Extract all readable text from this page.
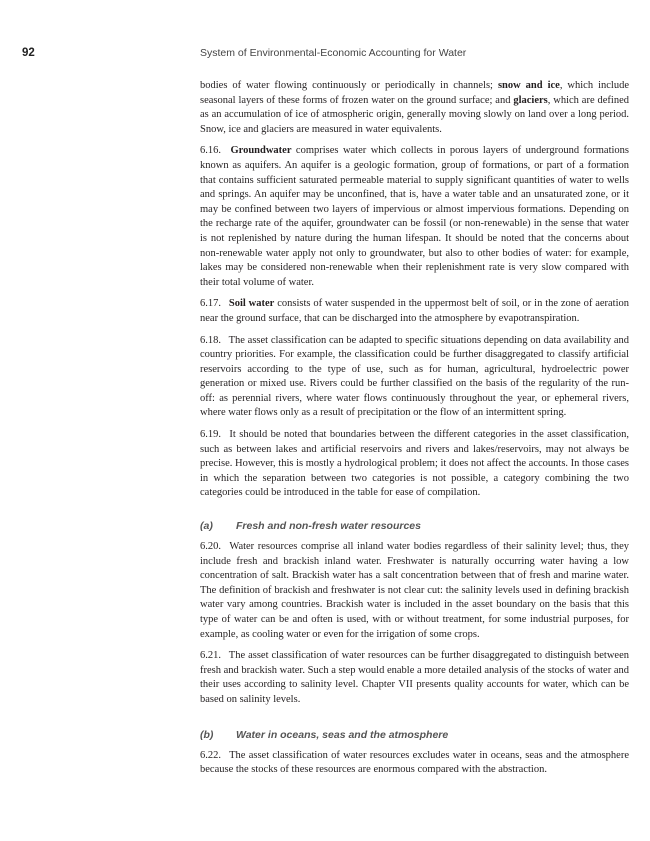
92	System of Environmental-Economic Accounting for Water

bodies of water flowing continuously or periodically in channels; snow and ice, which include seasonal layers of these forms of frozen water on the ground surface; and glaciers, which are defined as an accumulation of ice of atmospheric origin, generally moving slowly on land over a long period. Snow, ice and glaciers are measured in water equivalents.

6.16. Groundwater comprises water which collects in porous layers of underground formations known as aquifers. An aquifer is a geologic formation, group of formations, or part of a formation that contains sufficient saturated permeable material to supply significant quantities of water to wells and springs. An aquifer may be unconfined, that is, have a water table and an unsaturated zone, or it may be confined between two layers of impervious or almost impervious formations. Depending on the recharge rate of the aquifer, groundwater can be fossil (or non-renewable) in the sense that water is not replenished by nature during the human lifespan. It should be noted that the concerns about non-renewable water apply not only to groundwater, but also to other bodies of water: for example, lakes may be considered non-renewable when their replenishment rate is very slow compared with their total volume of water.

6.17. Soil water consists of water suspended in the uppermost belt of soil, or in the zone of aeration near the ground surface, that can be discharged into the atmosphere by evapotranspiration.

6.18. The asset classification can be adapted to specific situations depending on data availability and country priorities. For example, the classification could be further disaggregated to classify artificial reservoirs according to the type of use, such as for human, agricultural, hydroelectric power generation or mixed use. Rivers could be further classified on the basis of the regularity of the run-off: as perennial rivers, where water flows continuously throughout the year, or ephemeral rivers, where water flows only as a result of precipitation or the flow of an intermittent spring.

6.19. It should be noted that boundaries between the different categories in the asset classification, such as between lakes and artificial reservoirs and rivers and lakes/reservoirs, may not always be precise. However, this is mostly a hydrological problem; it does not affect the accounts. In those cases in which the separation between two categories is not possible, a category combining the two categories could be introduced in the table for ease of compilation.

(a)	Fresh and non-fresh water resources

6.20. Water resources comprise all inland water bodies regardless of their salinity level; thus, they include fresh and brackish inland water. Freshwater is naturally occurring water having a low concentration of salt. Brackish water has a salt concentration between that of fresh and marine water. The definition of brackish and freshwater is not clear cut: the salinity levels used in defining brackish water vary among countries. Brackish water is included in the asset boundary on the basis that this type of water can be and often is used, with or without treatment, for some industrial purposes, for example, as cooling water or even for the irrigation of some crops.

6.21. The asset classification of water resources can be further disaggregated to distinguish between fresh and brackish water. Such a step would enable a more detailed analysis of the stocks of water and their uses according to salinity level. Chapter VII presents quality accounts for water, which can be based on salinity levels.

(b)	Water in oceans, seas and the atmosphere

6.22. The asset classification of water resources excludes water in oceans, seas and the atmosphere because the stocks of these resources are enormous compared with the abstraction.
